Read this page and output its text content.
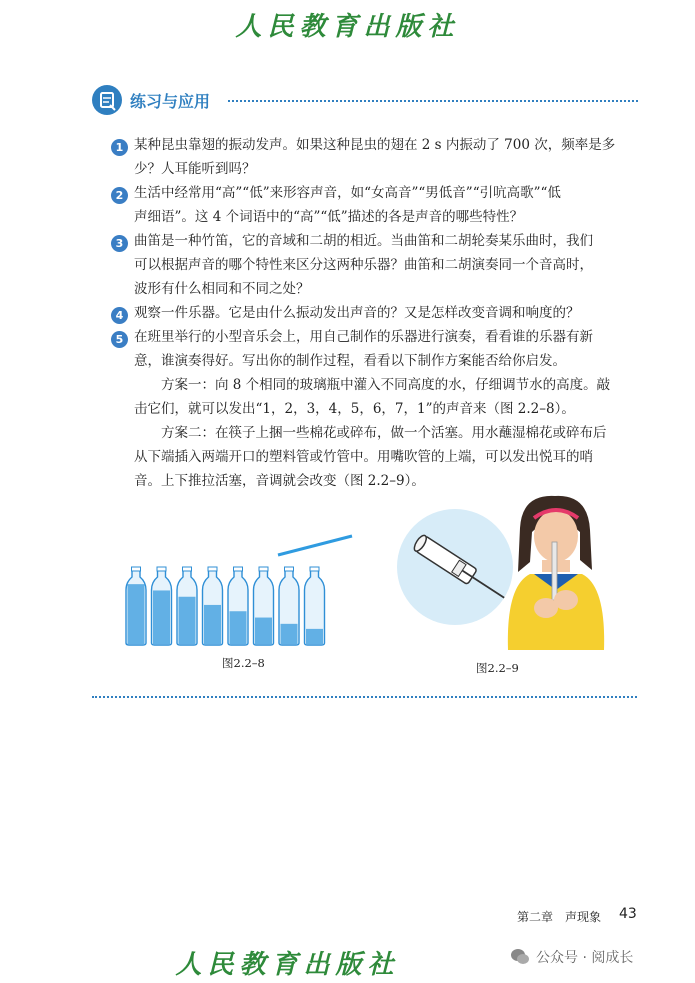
人民教育出版社
练习与应用
1 某种昆虫靠翅的振动发声。如果这种昆虫的翅在 2 s 内振动了 700 次，频率是多
少？人耳能听到吗？
2 生活中经常用“高”“低”来形容声音，如“女高音”“男低音”“引吭高歌”“低
声细语”。这 4 个词语中的“高”“低”描述的各是声音的哪些特性？
3 曲笛是一种竹笛，它的音域和二胡的相近。当曲笛和二胡轮奏某乐曲时，我们
可以根据声音的哪个特性来区分这两种乐器？曲笛和二胡演奏同一个音高时，
波形有什么相同和不同之处？
4 观察一件乐器。它是由什么振动发出声音的？又是怎样改变音调和响度的？
5 在班里举行的小型音乐会上，用自己制作的乐器进行演奏，看看谁的乐器有新
意，谁演奏得好。写出你的制作过程，看看以下制作方案能否给你启发。
方案一：向 8 个相同的玻璃瓶中灌入不同高度的水，仔细调节水的高度。敲
击它们，就可以发出“1，2，3，4，5，6，7，1”的声音来（图 2.2–8）。
方案二：在筷子上捆一些棉花或碎布，做一个活塞。用水蘸湿棉花或碎布后
从下端插入两端开口的塑料管或竹管中。用嘴吹管的上端，可以发出悦耳的哨
音。上下推拉活塞，音调就会改变（图 2.2–9）。
图2.2–8	图2.2–9
第二章　声现象 43
人民教育出版社	公众号 · 阅成长
